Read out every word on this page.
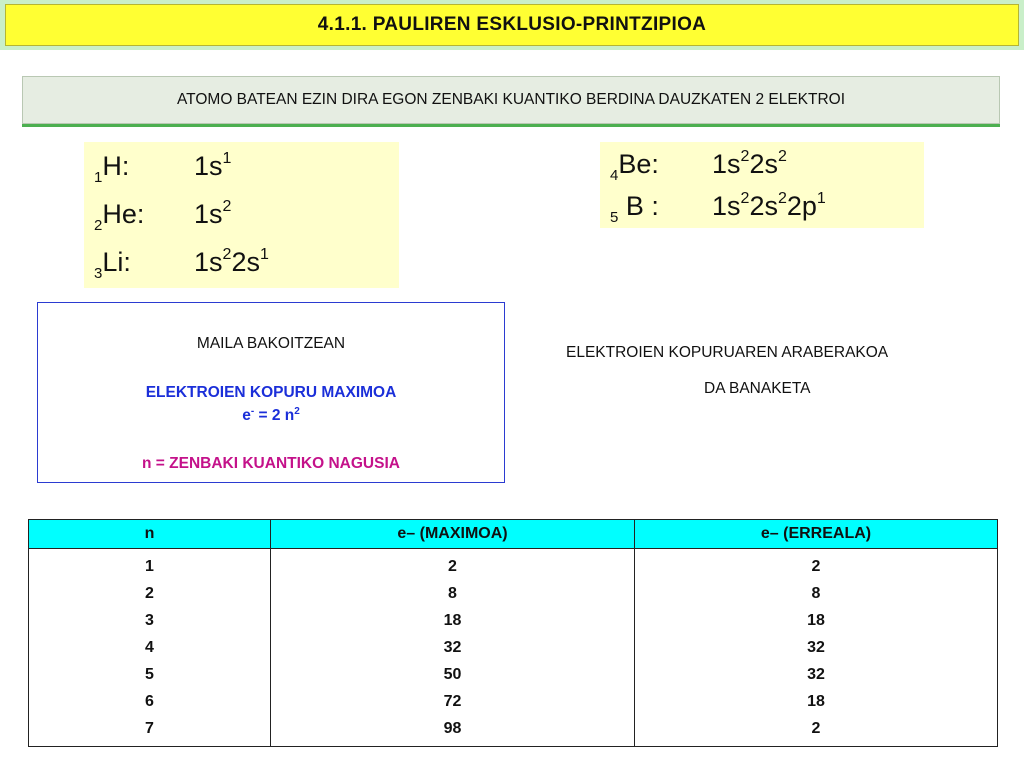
4.1.1. PAULIREN ESKLUSIO-PRINTZIPIOA
ATOMO BATEAN EZIN DIRA EGON ZENBAKI KUANTIKO BERDINA DAUZKATEN 2 ELEKTROI
$_1$H: $1s^1$
$_2$He: $1s^2$
$_3$Li: $1s^22s^1$
$_4$Be: $1s^22s^2$
$_5$ B : $1s^22s^22p^1$
MAILA BAKOITZEAN
ELEKTROIEN KOPURU MAXIMOA
e- = 2 $n^2$
n = ZENBAKI KUANTIKO NAGUSIA
ELEKTROIEN KOPURUAREN ARABERAKOA
DA BANAKETA
n	e– (MAXIMOA)	e– (ERREALA)
1	2	2
2	8	8
3	18	18
4	32	32
5	50	32
6	72	18
7	98	2
